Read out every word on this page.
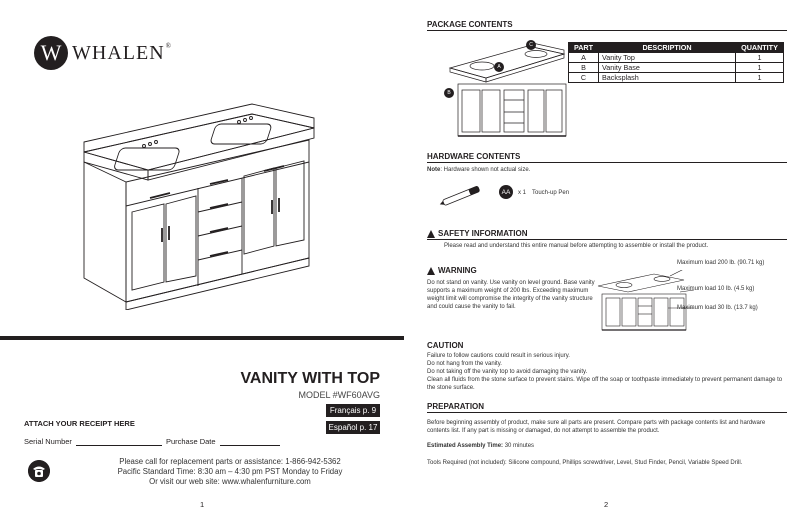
W WHALEN®
VANITY WITH TOP
MODEL #WF60AVG
Français p. 9
Español p. 17
ATTACH YOUR RECEIPT HERE
Serial Number	Purchase Date
Please call for replacement parts or assistance: 1-866-942-5362
Pacific Standard Time: 8:30 am – 4:30 pm PST Monday to Friday
Or visit our web site: www.whalenfurniture.com
1
PACKAGE CONTENTS
C
A
B
PART	DESCRIPTION	QUANTITY
A	Vanity Top	1
B	Vanity Base	1
C	Backsplash	1
HARDWARE CONTENTS
Note: Hardware shown not actual size.
AA	x 1 Touch-up Pen
SAFETY INFORMATION
Please read and understand this entire manual before attempting to assemble or install the product.
WARNING
Do not stand on vanity. Use vanity on level ground. Base vanity supports a maximum weight of 200 lbs. Exceeding maximum weight limit will compromise the integrity of the vanity structure and could cause the vanity to fail.
Maximum load 200 lb. (90.71 kg)
Maximum load 10 lb. (4.5 kg)
Maximum load 30 lb. (13.7 kg)
CAUTION
Failure to follow cautions could result in serious injury.
Do not hang from the vanity.
Do not taking off the vanity top to avoid damaging the vanity.
Clean all fluids from the stone surface to prevent stains. Wipe off the soap or toothpaste immediately to prevent permanent damage to the stone surface.
PREPARATION
Before beginning assembly of product, make sure all parts are present. Compare parts with package contents list and hardware contents list. If any part is missing or damaged, do not attempt to assemble the product.
Estimated Assembly Time: 30 minutes
Tools Required (not included): Silicone compound, Phillips screwdriver, Level, Stud Finder, Pencil, Variable Speed Drill.
2
